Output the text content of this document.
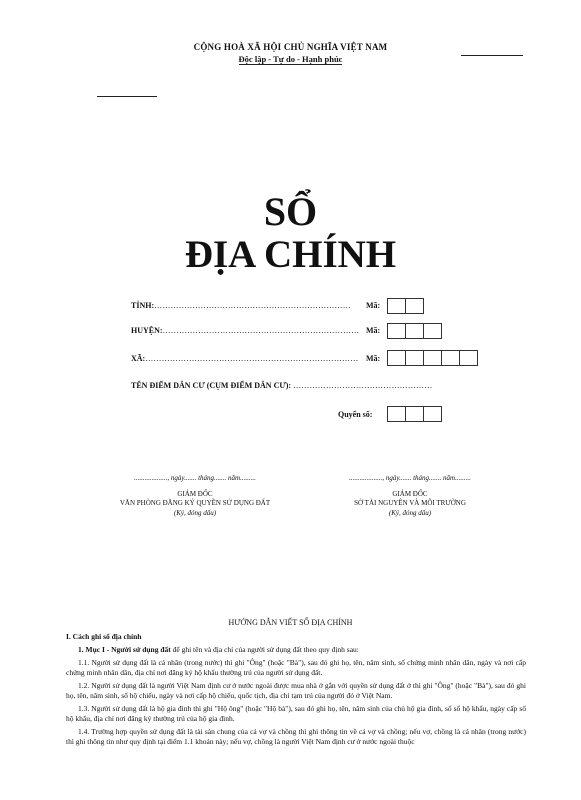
CỘNG HOÀ XÃ HỘI CHỦ NGHĨA VIỆT NAM
Độc lập - Tự do - Hạnh phúc
SỔ
ĐỊA CHÍNH
TỈNH:……………………………………………………………… Mã:
HUYỆN:……………………………………………………………… Mã:
XÃ:…………………………………………………………………… Mã:
TÊN ĐIỂM DÂN CƯ (CỤM ĐIỂM DÂN CƯ): ……………………………………………
Quyển số:
..................., ngày....... tháng....... năm.........
GIÁM ĐỐC
VĂN PHÒNG ĐĂNG KÝ QUYỀN SỬ DỤNG ĐẤT
(Ký, đóng dấu)
..................., ngày....... tháng....... năm.........
GIÁM ĐỐC
SỞ TÀI NGUYÊN VÀ MÔI TRƯỜNG
(Ký, đóng dấu)
HƯỚNG DẪN VIẾT SỔ ĐỊA CHÍNH
I. Cách ghi sổ địa chính
1. Mục I - Người sử dụng đất để ghi tên và địa chỉ của người sử dụng đất theo quy định sau:
1.1. Người sử dụng đất là cá nhân (trong nước) thì ghi "Ông" (hoặc "Bà"), sau đó ghi họ, tên, năm sinh, số chứng minh nhân dân, ngày và nơi cấp chứng minh nhân dân, địa chỉ nơi đăng ký hộ khẩu thường trú của người sử dụng đất.
1.2. Người sử dụng đất là người Việt Nam định cư ở nước ngoài được mua nhà ở gắn với quyền sử dụng đất ở thì ghi "Ông" (hoặc "Bà"), sau đó ghi họ, tên, năm sinh, số hộ chiếu, ngày và nơi cấp hộ chiếu, quốc tịch, địa chỉ tạm trú của người đó ở Việt Nam.
1.3. Người sử dụng đất là hộ gia đình thì ghi "Hộ ông" (hoặc "Hộ bà"), sau đó ghi họ, tên, năm sinh của chủ hộ gia đình, số sổ hộ khẩu, ngày cấp sổ hộ khẩu, địa chỉ nơi đăng ký thường trú của hộ gia đình.
1.4. Trường hợp quyền sử dụng đất là tài sản chung của cả vợ và chồng thì ghi thông tin về cả vợ và chồng; nếu vợ, chồng là cá nhân (trong nước) thì ghi thông tin như quy định tại điểm 1.1 khoản này; nếu vợ, chồng là người Việt Nam định cư ở nước ngoài thuộc
